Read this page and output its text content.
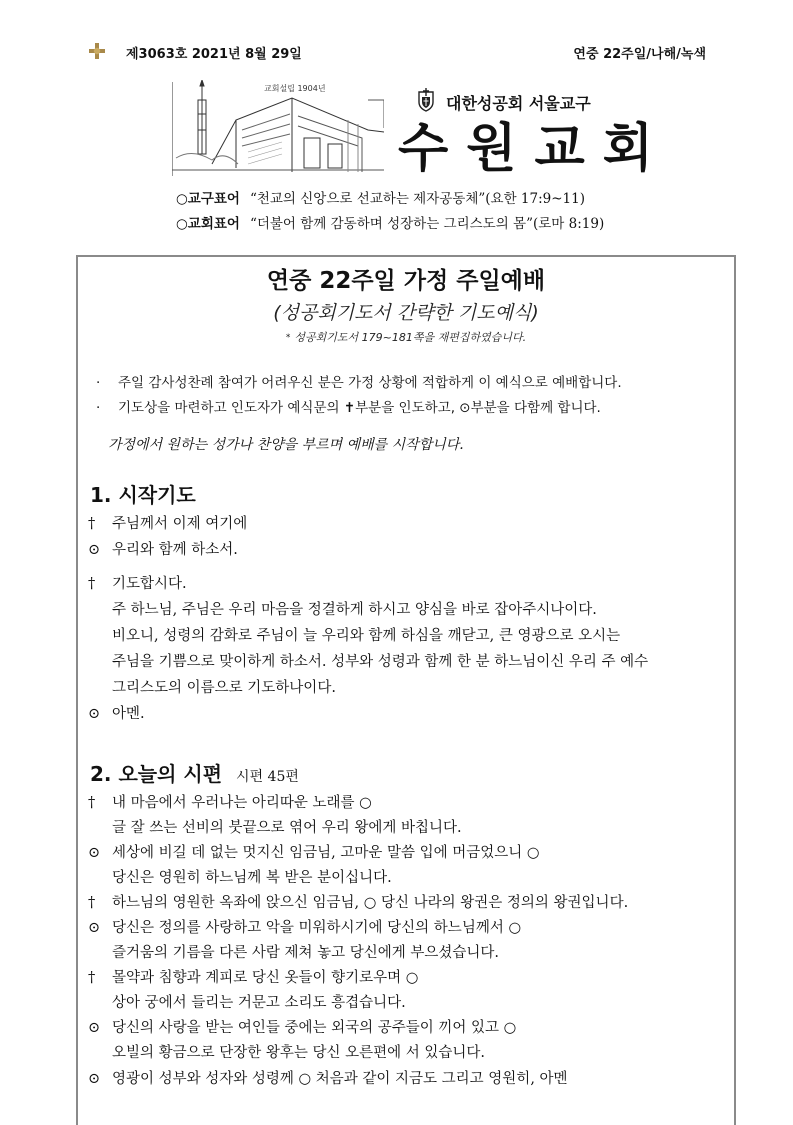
제3063호 2021년 8월 29일	연중 22주일/나해/녹색
교회설립 1904년
대한성공회 서울교구
수원교회
○교구표어 “천교의 신앙으로 선교하는 제자공동체”(요한 17:9~11)
○교회표어 “더불어 함께 감동하며 성장하는 그리스도의 몸”(로마 8:19)
연중 22주일 가정 주일예배
(성공회기도서 간략한 기도예식)
* 성공회기도서 179~181쪽을 재편집하였습니다.
· 주일 감사성찬례 참여가 어려우신 분은 가정 상황에 적합하게 이 예식으로 예배합니다.
· 기도상을 마련하고 인도자가 예식문의 ✝부분을 인도하고, ⊙부분을 다함께 합니다.
가정에서 원하는 성가나 찬양을 부르며 예배를 시작합니다.
1. 시작기도
† 주님께서 이제 여기에
⊙ 우리와 함께 하소서.
† 기도합시다.
주 하느님, 주님은 우리 마음을 정결하게 하시고 양심을 바로 잡아주시나이다.
비오니, 성령의 감화로 주님이 늘 우리와 함께 하심을 깨닫고, 큰 영광으로 오시는
주님을 기쁨으로 맞이하게 하소서. 성부와 성령과 함께 한 분 하느님이신 우리 주 예수
그리스도의 이름으로 기도하나이다.
⊙ 아멘.
2. 오늘의 시편 시편 45편
† 내 마음에서 우러나는 아리따운 노래를 ○
글 잘 쓰는 선비의 붓끝으로 엮어 우리 왕에게 바칩니다.
⊙ 세상에 비길 데 없는 멋지신 임금님, 고마운 말씀 입에 머금었으니 ○
당신은 영원히 하느님께 복 받은 분이십니다.
† 하느님의 영원한 옥좌에 앉으신 임금님, ○ 당신 나라의 왕권은 정의의 왕권입니다.
⊙ 당신은 정의를 사랑하고 악을 미워하시기에 당신의 하느님께서 ○
즐거움의 기름을 다른 사람 제쳐 놓고 당신에게 부으셨습니다.
† 몰약과 침향과 계피로 당신 옷들이 향기로우며 ○
상아 궁에서 들리는 거문고 소리도 흥겹습니다.
⊙ 당신의 사랑을 받는 여인들 중에는 외국의 공주들이 끼어 있고 ○
오빌의 황금으로 단장한 왕후는 당신 오른편에 서 있습니다.
⊙ 영광이 성부와 성자와 성령께 ○ 처음과 같이 지금도 그리고 영원히, 아멘
